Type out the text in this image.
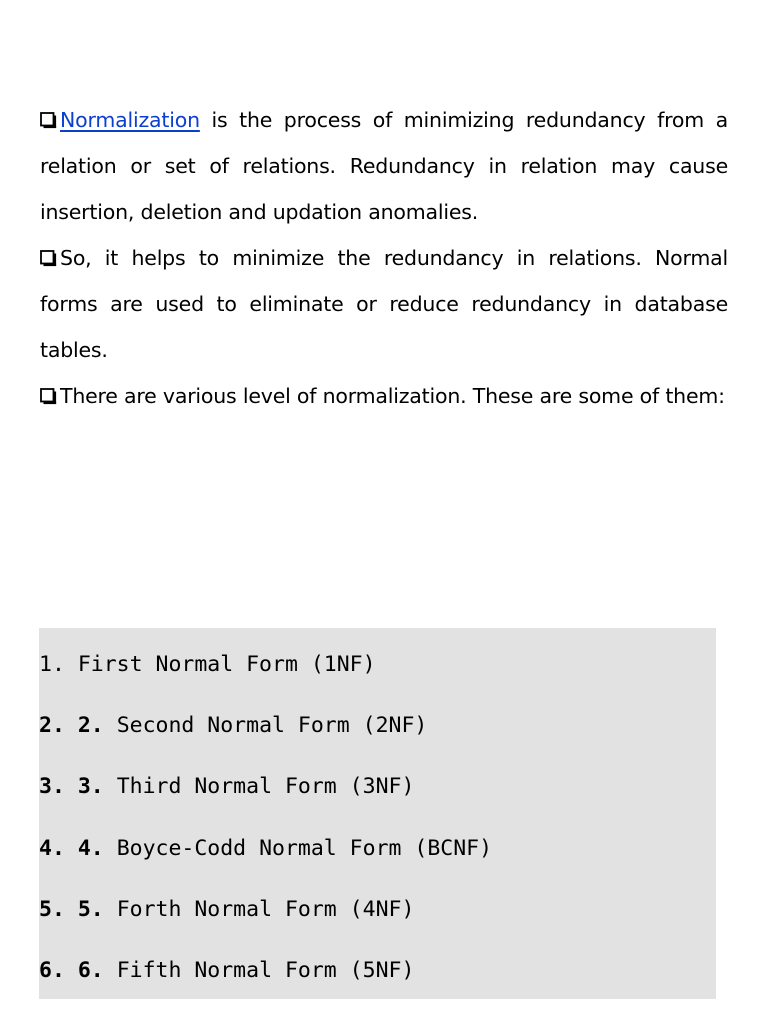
Normalization is the process of minimizing redundancy from a relation or set of relations. Redundancy in relation may cause insertion, deletion and updation anomalies.

So, it helps to minimize the redundancy in relations. Normal forms are used to eliminate or reduce redundancy in database tables.

There are various level of normalization. These are some of them:

1. First Normal Form (1NF)
2. 2. Second Normal Form (2NF)
3. 3. Third Normal Form (3NF)
4. 4. Boyce-Codd Normal Form (BCNF)
5. 5. Forth Normal Form (4NF)
6. 6. Fifth Normal Form (5NF)
